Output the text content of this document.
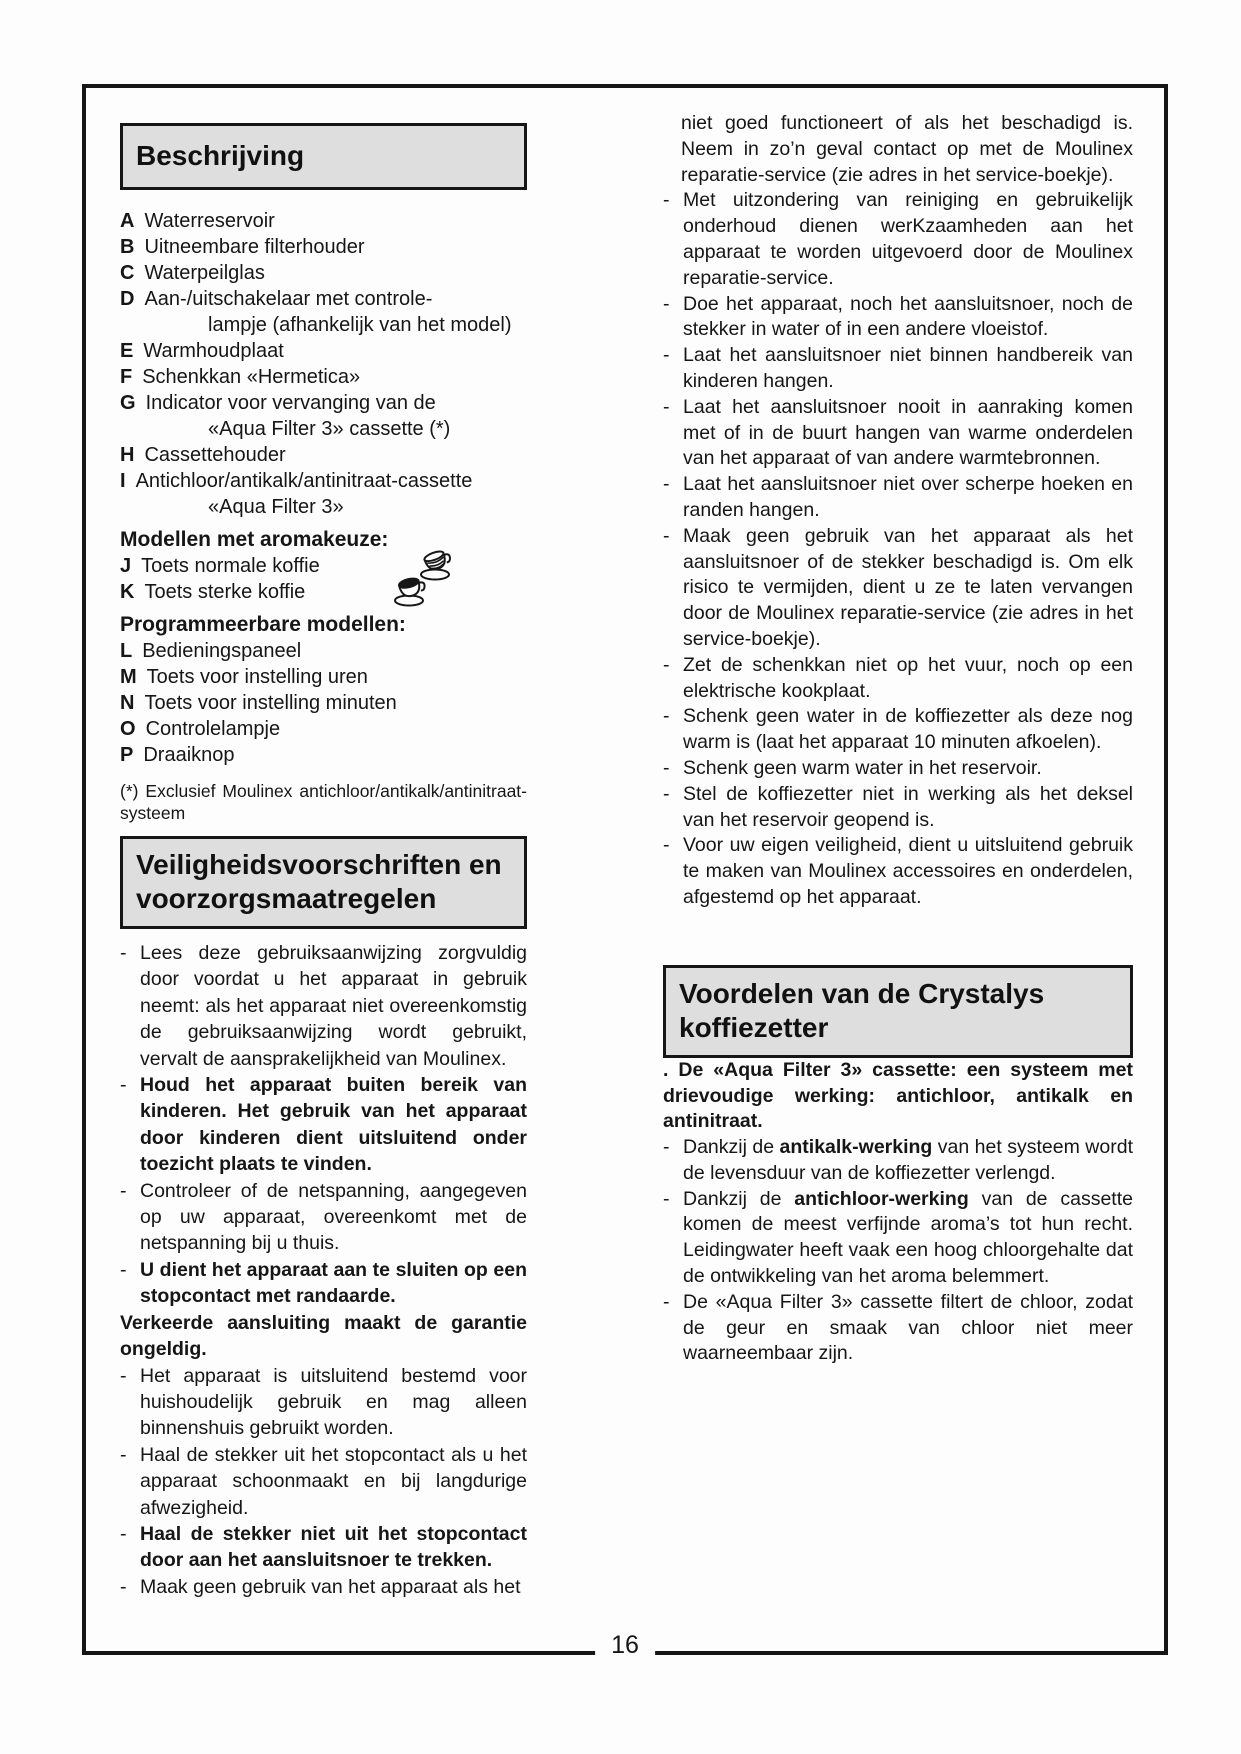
Beschrijving
A Waterreservoir
B Uitneembare filterhouder
C Waterpeilglas
D Aan-/uitschakelaar met controle-
lampje (afhankelijk van het model)
E Warmhoudplaat
F Schenkkan «Hermetica»
G Indicator voor vervanging van de
«Aqua Filter 3» cassette (*)
H Cassettehouder
I Antichloor/antikalk/antinitraat-cassette
«Aqua Filter 3»
Modellen met aromakeuze:
J Toets normale koffie
K Toets sterke koffie
Programmeerbare modellen:
L Bedieningspaneel
M Toets voor instelling uren
N Toets voor instelling minuten
O Controlelampje
P Draaiknop

(*) Exclusief Moulinex antichloor/antikalk/antinitraat-systeem

Veiligheidsvoorschriften en
voorzorgsmaatregelen

- Lees deze gebruiksaanwijzing zorgvuldig door voordat u het apparaat in gebruik neemt: als het apparaat niet overeenkomstig de gebruiksaanwijzing wordt gebruikt, vervalt de aansprakelijkheid van Moulinex.

- Houd het apparaat buiten bereik van kinderen. Het gebruik van het apparaat door kinderen dient uitsluitend onder toezicht plaats te vinden.

- Controleer of de netspanning, aangegeven op uw apparaat, overeenkomt met de netspanning bij u thuis.

- U dient het apparaat aan te sluiten op een stopcontact met randaarde.

Verkeerde aansluiting maakt de garantie ongeldig.

- Het apparaat is uitsluitend bestemd voor huishoudelijk gebruik en mag alleen binnenshuis gebruikt worden.

- Haal de stekker uit het stopcontact als u het apparaat schoonmaakt en bij langdurige afwezigheid.

- Haal de stekker niet uit het stopcontact door aan het aansluitsnoer te trekken.

- Maak geen gebruik van het apparaat als het

niet goed functioneert of als het beschadigd is. Neem in zo’n geval contact op met de Moulinex reparatie-service (zie adres in het service-boekje).

- Met uitzondering van reiniging en gebruikelijk onderhoud dienen werKzaamheden aan het apparaat te worden uitgevoerd door de Moulinex reparatie-service.

- Doe het apparaat, noch het aansluitsnoer, noch de stekker in water of in een andere vloeistof.

- Laat het aansluitsnoer niet binnen handbereik van kinderen hangen.

- Laat het aansluitsnoer nooit in aanraking komen met of in de buurt hangen van warme onderdelen van het apparaat of van andere warmtebronnen.

- Laat het aansluitsnoer niet over scherpe hoeken en randen hangen.

- Maak geen gebruik van het apparaat als het aansluitsnoer of de stekker beschadigd is. Om elk risico te vermijden, dient u ze te laten vervangen door de Moulinex reparatie-service (zie adres in het service-boekje).

- Zet de schenkkan niet op het vuur, noch op een elektrische kookplaat.

- Schenk geen water in de koffiezetter als deze nog warm is (laat het apparaat 10 minuten afkoelen).

- Schenk geen warm water in het reservoir.

- Stel de koffiezetter niet in werking als het deksel van het reservoir geopend is.

- Voor uw eigen veiligheid, dient u uitsluitend gebruik te maken van Moulinex accessoires en onderdelen, afgestemd op het apparaat.

Voordelen van de Crystalys
koffiezetter

. De «Aqua Filter 3» cassette: een systeem met drievoudige werking: antichloor, antikalk en antinitraat.

- Dankzij de antikalk-werking van het systeem wordt de levensduur van de koffiezetter verlengd.

- Dankzij de antichloor-werking van de cassette komen de meest verfijnde aroma’s tot hun recht. Leidingwater heeft vaak een hoog chloorgehalte dat de ontwikkeling van het aroma belemmert.

- De «Aqua Filter 3» cassette filtert de chloor, zodat de geur en smaak van chloor niet meer waarneembaar zijn.

16
